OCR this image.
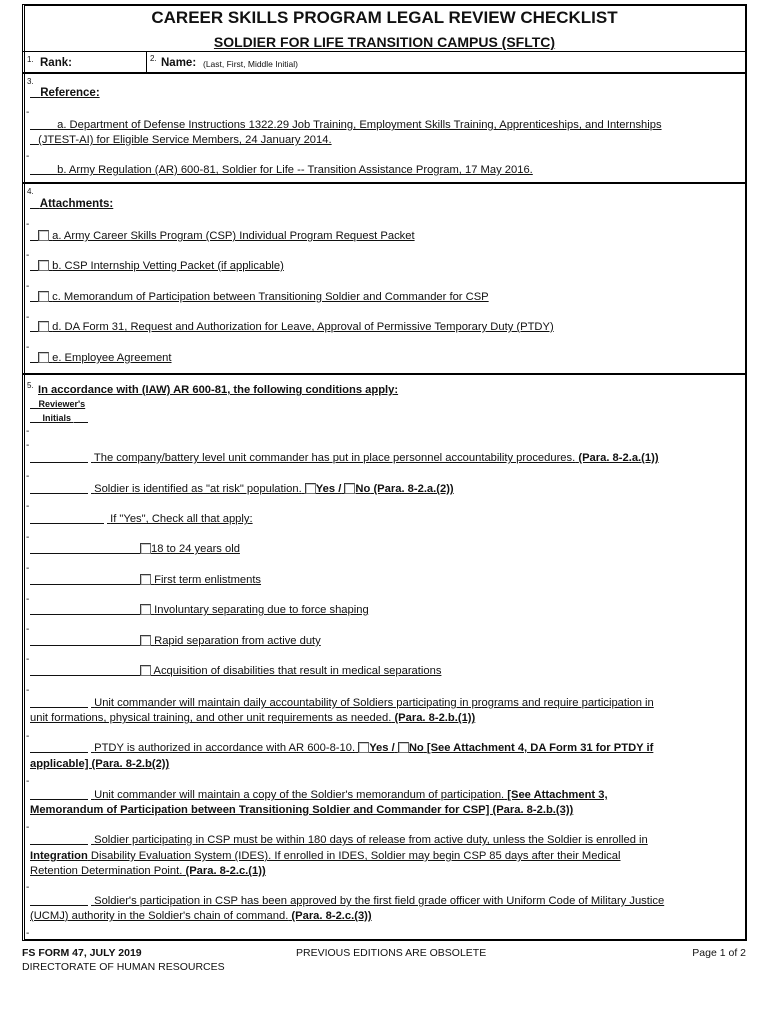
CAREER SKILLS PROGRAM LEGAL REVIEW CHECKLIST
SOLDIER FOR LIFE TRANSITION CAMPUS (SFLTC)
1. Rank:	2. Name: (Last, First, Middle Initial)
3.
Reference:
-
a. Department of Defense Instructions 1322.29 Job Training, Employment Skills Training, Apprenticeships, and Internships
(JTEST-AI) for Eligible Service Members, 24 January 2014.
-
b. Army Regulation (AR) 600-81, Soldier for Life -- Transition Assistance Program, 17 May 2016.
4.
Attachments:
-
a. Army Career Skills Program (CSP) Individual Program Request Packet
-
b. CSP Internship Vetting Packet (if applicable)
-
c. Memorandum of Participation between Transitioning Soldier and Commander for CSP
-
d. DA Form 31, Request and Authorization for Leave, Approval of Permissive Temporary Duty (PTDY)
-
e. Employee Agreement
5. In accordance with (IAW) AR 600-81, the following conditions apply:
Reviewer's
Initials
-
-
The company/battery level unit commander has put in place personnel accountability procedures. (Para. 8-2.a.(1))
-
Soldier is identified as "at risk" population. Yes / No (Para. 8-2.a.(2))
-
If "Yes", Check all that apply:
-
18 to 24 years old
-
First term enlistments
-
Involuntary separating due to force shaping
-
Rapid separation from active duty
-
Acquisition of disabilities that result in medical separations
-
Unit commander will maintain daily accountability of Soldiers participating in programs and require participation in
unit formations, physical training, and other unit requirements as needed. (Para. 8-2.b.(1))
-
PTDY is authorized in accordance with AR 600-8-10. Yes / No [See Attachment 4, DA Form 31 for PTDY if
applicable] (Para. 8-2.b(2))
-
Unit commander will maintain a copy of the Soldier's memorandum of participation. [See Attachment 3,
Memorandum of Participation between Transitioning Soldier and Commander for CSP] (Para. 8-2.b.(3))
-
Soldier participating in CSP must be within 180 days of release from active duty, unless the Soldier is enrolled in
Integration Disability Evaluation System (IDES). If enrolled in IDES, Soldier may begin CSP 85 days after their Medical
Retention Determination Point. (Para. 8-2.c.(1))
-
Soldier's participation in CSP has been approved by the first field grade officer with Uniform Code of Military Justice
(UCMJ) authority in the Soldier's chain of command. (Para. 8-2.c.(3))
-
FS FORM 47, JULY 2019	PREVIOUS EDITIONS ARE OBSOLETE	Page 1 of 2
DIRECTORATE OF HUMAN RESOURCES
